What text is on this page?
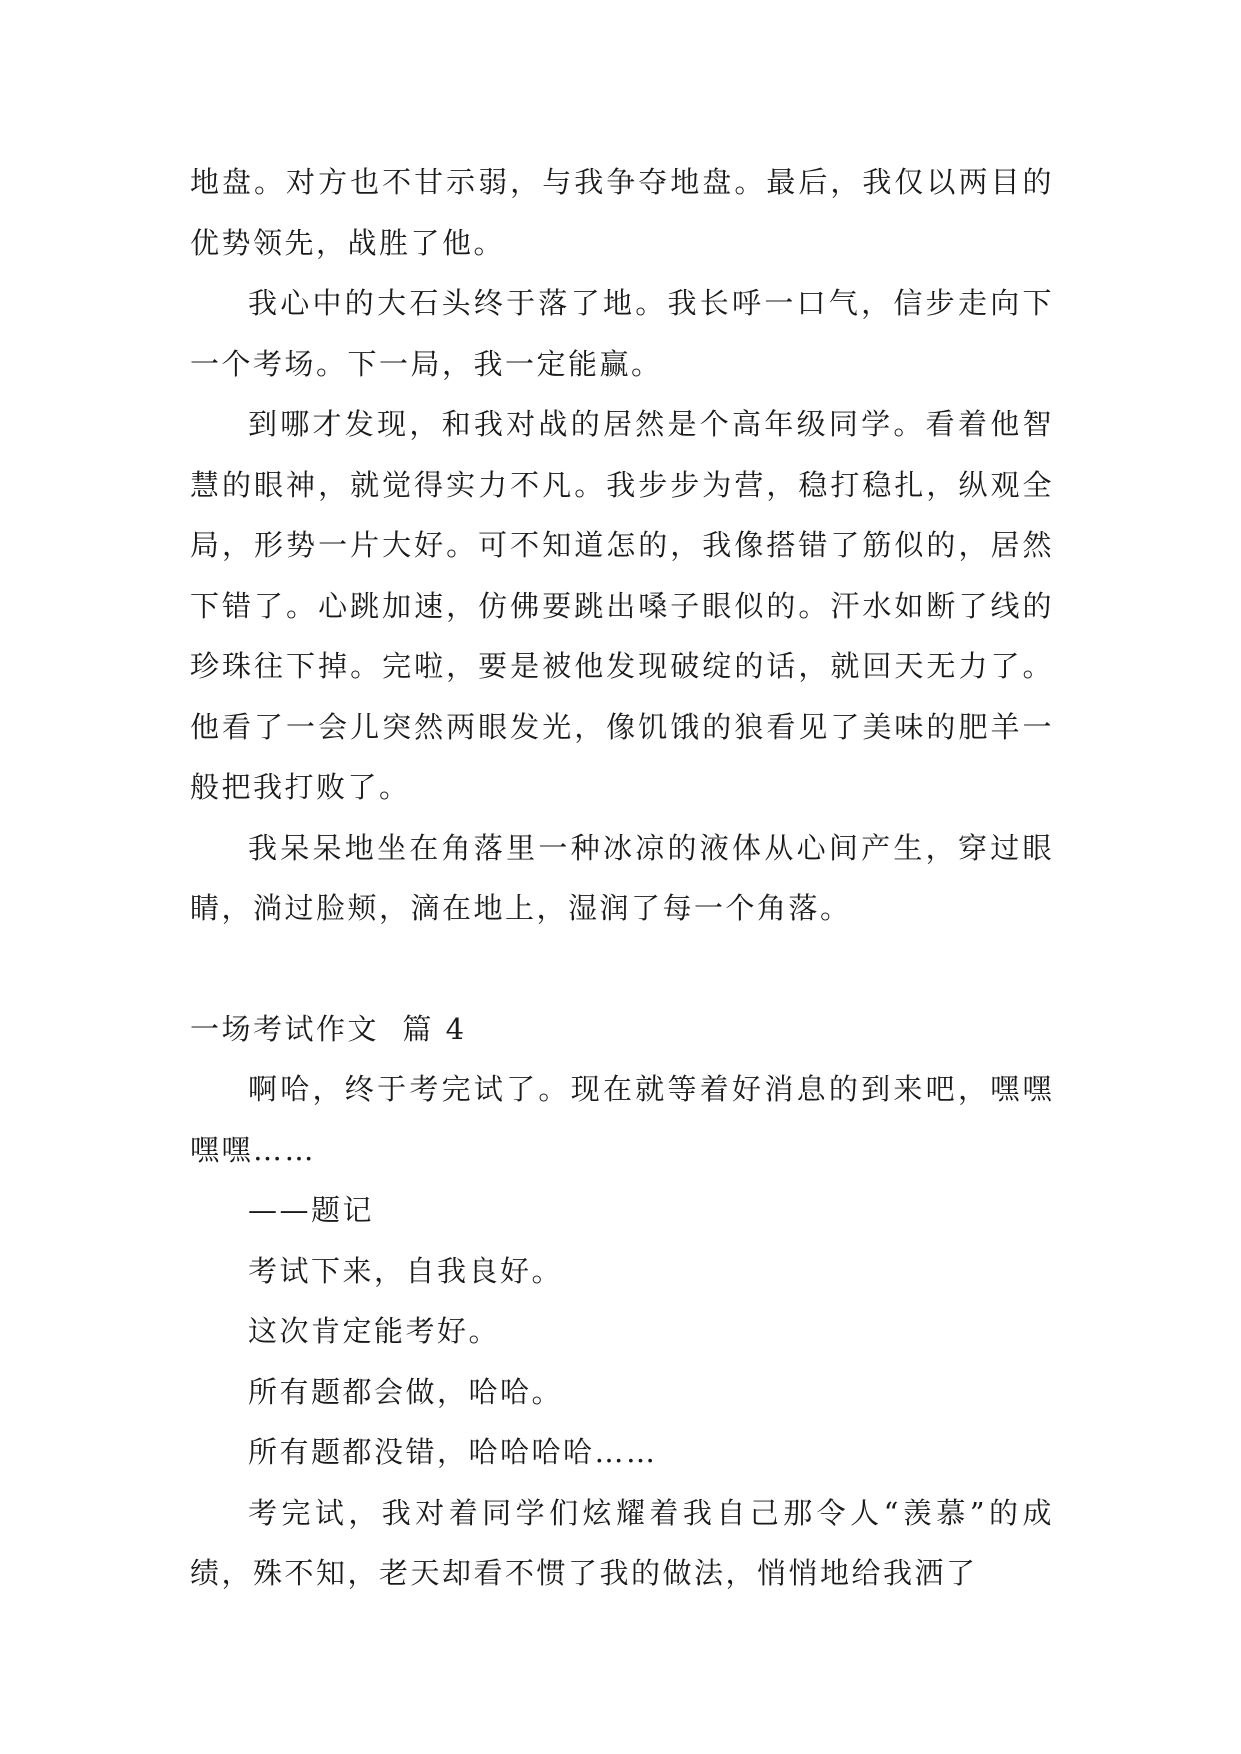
地盘。对方也不甘示弱，与我争夺地盘。最后，我仅以两目的优势领先，战胜了他。

我心中的大石头终于落了地。我长呼一口气，信步走向下一个考场。下一局，我一定能赢。

到哪才发现，和我对战的居然是个高年级同学。看着他智慧的眼神，就觉得实力不凡。我步步为营，稳打稳扎，纵观全局，形势一片大好。可不知道怎的，我像搭错了筋似的，居然下错了。心跳加速，仿佛要跳出嗓子眼似的。汗水如断了线的珍珠往下掉。完啦，要是被他发现破绽的话，就回天无力了。他看了一会儿突然两眼发光，像饥饿的狼看见了美味的肥羊一般把我打败了。

我呆呆地坐在角落里一种冰凉的液体从心间产生，穿过眼睛，淌过脸颊，滴在地上，湿润了每一个角落。

一场考试作文  篇 4

啊哈，终于考完试了。现在就等着好消息的到来吧，嘿嘿嘿嘿……

——题记

考试下来，自我良好。

这次肯定能考好。

所有题都会做，哈哈。

所有题都没错，哈哈哈哈……

考完试，我对着同学们炫耀着我自己那令人“羡慕”的成绩，殊不知，老天却看不惯了我的做法，悄悄地给我洒了
